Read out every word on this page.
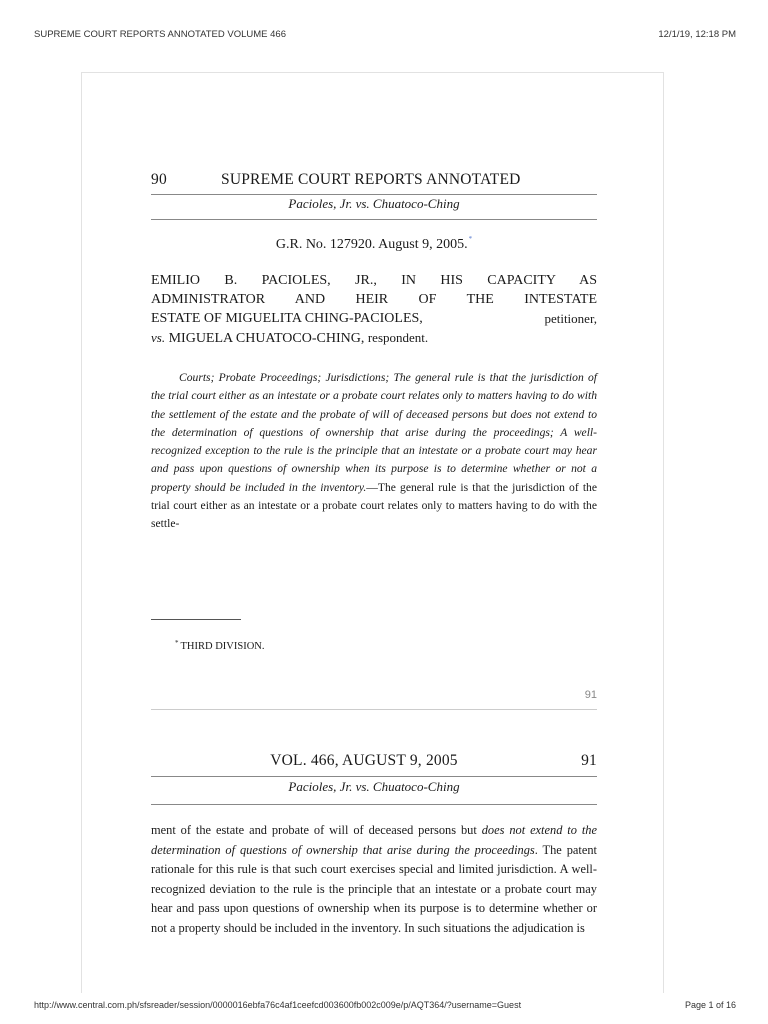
SUPREME COURT REPORTS ANNOTATED VOLUME 466	12/1/19, 12:18 PM
90	SUPREME COURT REPORTS ANNOTATED
Pacioles, Jr. vs. Chuatoco-Ching
G.R. No. 127920. August 9, 2005.*
EMILIO B. PACIOLES, JR., IN HIS CAPACITY AS
ADMINISTRATOR AND HEIR OF THE INTESTATE
ESTATE OF MIGUELITA CHING-PACIOLES,	petitioner,
vs. MIGUELA CHUATOCO-CHING, respondent.
Courts; Probate Proceedings; Jurisdictions; The general rule is that the jurisdiction of the trial court either as an intestate or a probate court relates only to matters having to do with the settlement of the estate and the probate of will of deceased persons but does not extend to the determination of questions of ownership that arise during the proceedings; A well-recognized exception to the rule is the principle that an intestate or a probate court may hear and pass upon questions of ownership when its purpose is to determine whether or not a property should be included in the inventory.—The general rule is that the jurisdiction of the trial court either as an intestate or a probate court relates only to matters having to do with the settle-
* THIRD DIVISION.
91
VOL. 466, AUGUST 9, 2005	91
Pacioles, Jr. vs. Chuatoco-Ching
ment of the estate and probate of will of deceased persons but does not extend to the determination of questions of ownership that arise during the proceedings. The patent rationale for this rule is that such court exercises special and limited jurisdiction. A well-recognized deviation to the rule is the principle that an intestate or a probate court may hear and pass upon questions of ownership when its purpose is to determine whether or not a property should be included in the inventory. In such situations the adjudication is
http://www.central.com.ph/sfsreader/session/0000016ebfa76c4af1ceefcd003600fb002c009e/p/AQT364/?username=Guest	Page 1 of 16
